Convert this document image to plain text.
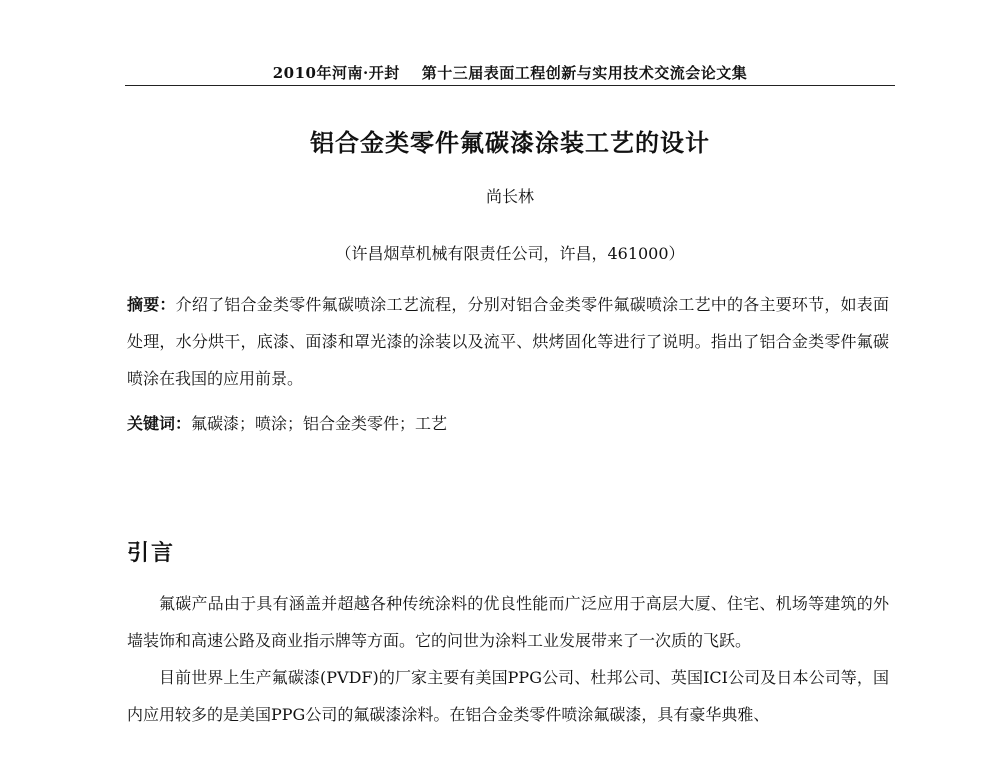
2010年河南·开封 第十三届表面工程创新与实用技术交流会论文集
铝合金类零件氟碳漆涂装工艺的设计
尚长林
（许昌烟草机械有限责任公司，许昌，461000）
摘要：介绍了铝合金类零件氟碳喷涂工艺流程，分别对铝合金类零件氟碳喷涂工艺中的各主要环节，如表面处理，水分烘干，底漆、面漆和罩光漆的涂装以及流平、烘烤固化等进行了说明。指出了铝合金类零件氟碳喷涂在我国的应用前景。
关键词：氟碳漆；喷涂；铝合金类零件；工艺
引言

氟碳产品由于具有涵盖并超越各种传统涂料的优良性能而广泛应用于高层大厦、住宅、机场等建筑的外墙装饰和高速公路及商业指示牌等方面。它的问世为涂料工业发展带来了一次质的飞跃。

目前世界上生产氟碳漆(PVDF)的厂家主要有美国PPG公司、杜邦公司、英国ICI公司及日本公司等，国内应用较多的是美国PPG公司的氟碳漆涂料。在铝合金类零件喷涂氟碳漆，具有豪华典雅、
